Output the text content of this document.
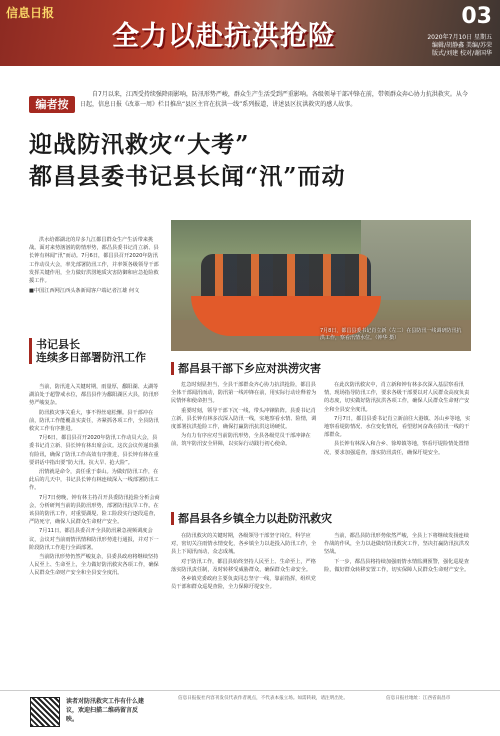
信息日报
全力以赴抗洪抢险
03
2020年7月10日 星期五
编辑/胡静鑫 美编/苏荣
版式/刘建 校对/谢国华
编者按
自7月以来，江西受持续强降雨影响，防汛形势严峻，群众生产生活受到严重影响。各级领导干部冲锋在前，带领群众奔心协力抗洪救灾。从今日起，信息日报《改革一周》栏目推出“县区主官在抗洪一线”系列报道，讲述县区抗洪救灾的感人故事。
迎战防汛救灾“大考”
都昌县委书记县长闻“汛”而动

洪水给都湖北的岸多九江都昌群众生产生活带来挑战。面对来势汹汹的防情形势，都昌县委书记肖立新、县长钟有林闻“汛”而动。7月6日，都昌县召开2020年防汛工作动员大会，率先部署防汛工作，并率领各级领导干部发挥关键作用，全力做好洪涝地质灾害防御和应急抢险救援工作。

■中国江西网江西头条新闻客户端记者江雄 何文
书记县长
连续多日部署防汛工作

当前，防汛进入关键时期，雨量厚，鄱阳湖、太湖等湖泊处于超警戒水位，都昌县作为鄱阳湖区大县，防汛形势严峻复杂。

防汛救灾事关重大，事不得丝毫松懈。县干部冲在前，防汛工作能覆盖实责任，齐紧抓各项工作，全县防汛救灾工作有序推进。

7月6日，都昌县召开2020年防汛工作动员大会，县委书记肖立新、县长钟有林出席会议。这次会议传递出强有险讯，确保了防汛工作高效有序推进，县长钟有林在重要讲话中指出要“防大汛、抗大旱、抢大险”。

汛情就是命令，责任重于泰山。为做好防汛工作，在此后的几天中，书记县长钟有林连续深入一线部署防汛工作。

7月7日傍晚，钟有林主持召开县委防汛抢险分析会商会，分析研判当前的县防汛形势，部署防汛抗旱工作。在该县的防汛工作，对重要湖堤、险工险段实行逐段巡查，严防死守，确保人民群众生命财产安全。

7月11日，都昌县委召开全县防汛紧急视频调度会议，会议对当前雨情汛情和防汛形势进行通报，并对下一阶段防汛工作进行全面部署。

当前防汛形势仍然严峻复杂，县委县政府将继续坚持人民至上、生命至上，全力做好防汛救灾各项工作，确保人民群众生命财产安全和全县安全度汛。

7月8日，都昌县委书记肖立新（左二）在县防汛一线调研防汛抗洪工作，察看汛情水位。（钟华 摄）
都昌县干部下乡应对洪涝灾害

危急时刻显担当，全县干部群众齐心协力抗洪抢险，都昌县全体干部闻汛而动，防汛第一线冲锋在前，用实际行动诠释着为民情怀和使命担当。

重要时刻，领导干部下沉一线，带头冲锋陷阵。县委书记肖立新，县长钟有林多次深入防汛一线，实地察看水情、险情，调度部署抗洪抢险工作，确保打赢防汛抗洪这场硬仗。

为有力有序应对当前防汛形势，全县各级党员干部冲锋在前，筑牢防汛安全屏障，以实际行动践行初心使命。

在此次防汛救灾中，肖立新和钟有林多次深入基层察看汛情，现场指导防汛工作，要求各级干部要以对人民群众高度负责的态度，切实做好防汛抗洪各项工作，确保人民群众生命财产安全和全县安全度汛。

7月7日，都昌县委书记肖立新前往大港镇、苏山乡等地，实地察看堤防情况、水位变化情况，看望慰问奋战在防汛一线的干部群众。

县长钟有林深入和合乡、徐埠镇等地，察看圩堤险情处置情况，要求加强巡查，落实防汛责任，确保圩堤安全。

都昌县各乡镇全力以赴防汛救灾

在防汛救灾的关键时期，各级领导干部坚守岗位，科学应对，密切关注雨情水情变化，各乡镇全力以赴投入防汛工作，全县上下闻汛而动，众志成城。

对于防汛工作，都昌县始终坚持人民至上、生命至上，严格落实防汛责任制，及时转移受威胁群众，确保群众生命安全。

各乡镇党委政府主要负责同志坚守一线，靠前指挥，组织党员干部和群众巡堤查险，全力保障圩堤安全。

当前，都昌县防汛形势依然严峻，全县上下将继续发扬连续作战的作风，全力以赴做好防汛救灾工作，坚决打赢防汛抗洪攻坚战。

下一步，都昌县将持续加强雨情水情监测预警，强化巡堤查险，做好群众转移安置工作，切实保障人民群众生命财产安全。

读者对防汛救灾工作有什么建议，欢迎扫描二维码留言反映。
信息日报报社内容刊发仅代表作者观点，不代表本报立场。如需转载，请注明出处。	信息日报社地址：江西省南昌市
